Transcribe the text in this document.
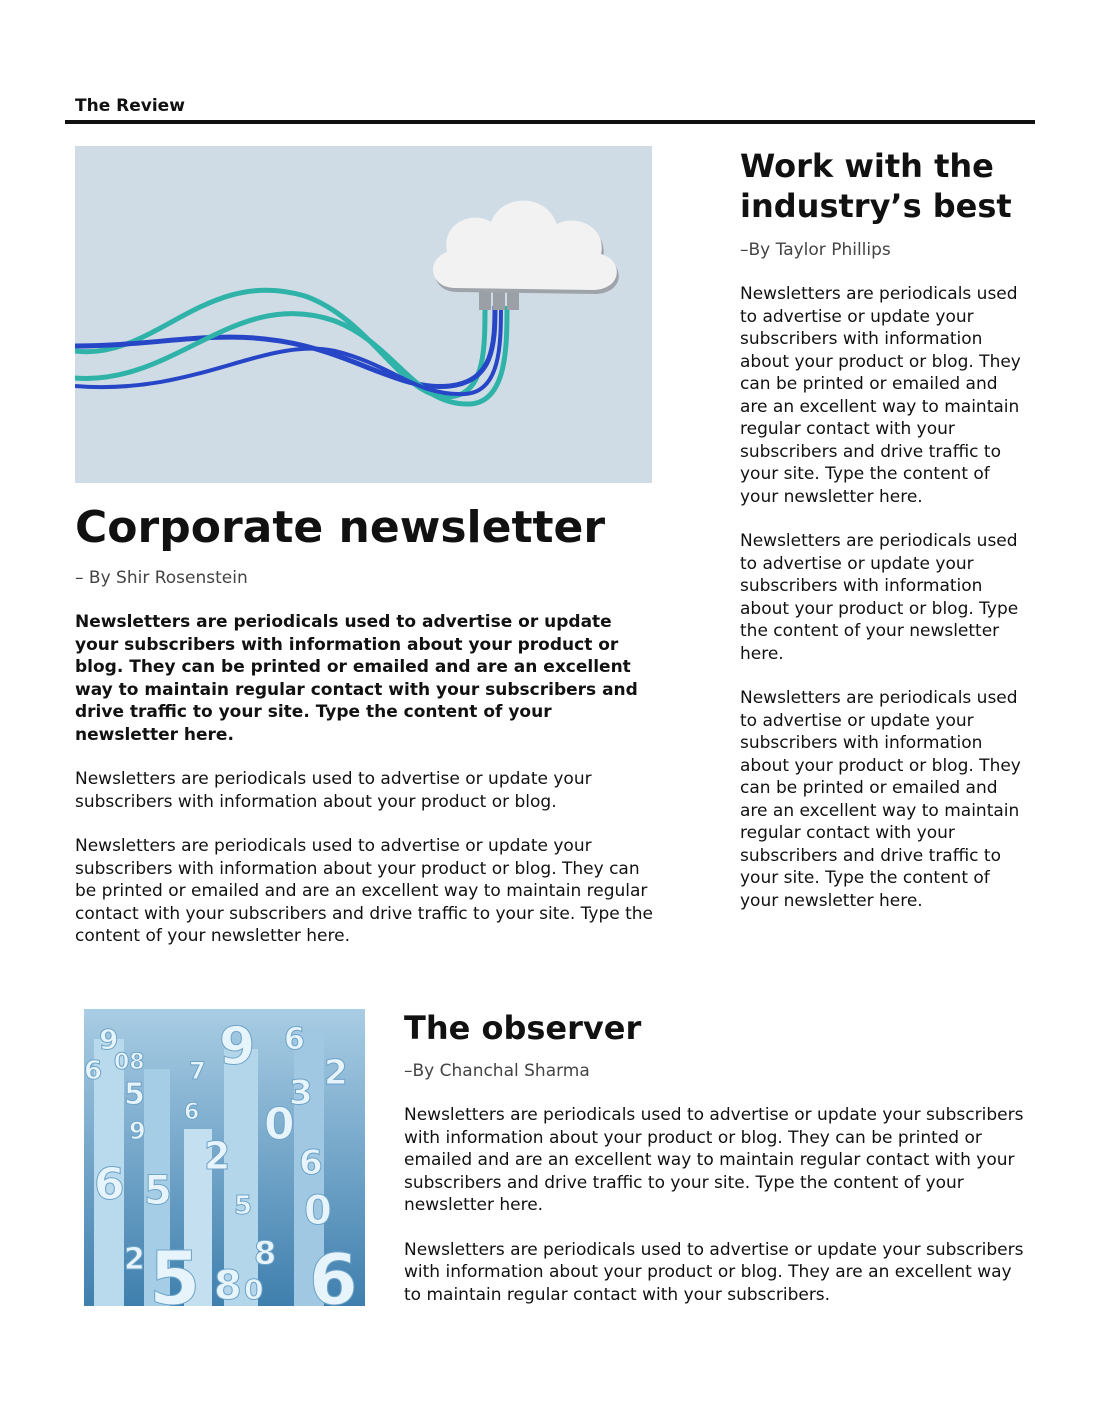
The Review
Corporate newsletter

– By Shir Rosenstein

Newsletters are periodicals used to advertise or update your subscribers with information about your product or blog. They can be printed or emailed and are an excellent way to maintain regular contact with your subscribers and drive traffic to your site. Type the content of your newsletter here.

Newsletters are periodicals used to advertise or update your subscribers with information about your product or blog.

Newsletters are periodicals used to advertise or update your subscribers with information about your product or blog. They can be printed or emailed and are an excellent way to maintain regular contact with your subscribers and drive traffic to your site. Type the content of your newsletter here.

Work with the industry’s best

–By Taylor Phillips

Newsletters are periodicals used to advertise or update your subscribers with information about your product or blog. They can be printed or emailed and are an excellent way to maintain regular contact with your subscribers and drive traffic to your site. Type the content of your newsletter here.

Newsletters are periodicals used to advertise or update your subscribers with information about your product or blog. Type the content of your newsletter here.

Newsletters are periodicals used to advertise or update your subscribers with information about your product or blog. They can be printed or emailed and are an excellent way to maintain regular contact with your subscribers and drive traffic to your site. Type the content of your newsletter here.

9 9 6
2
5
6 08 7
3
0
9
6
2
6 5
6
0
5
8
2 5 8 0 6
The observer

–By Chanchal Sharma

Newsletters are periodicals used to advertise or update your subscribers with information about your product or blog. They can be printed or emailed and are an excellent way to maintain regular contact with your subscribers and drive traffic to your site. Type the content of your newsletter here.

Newsletters are periodicals used to advertise or update your subscribers with information about your product or blog. They are an excellent way to maintain regular contact with your subscribers.
